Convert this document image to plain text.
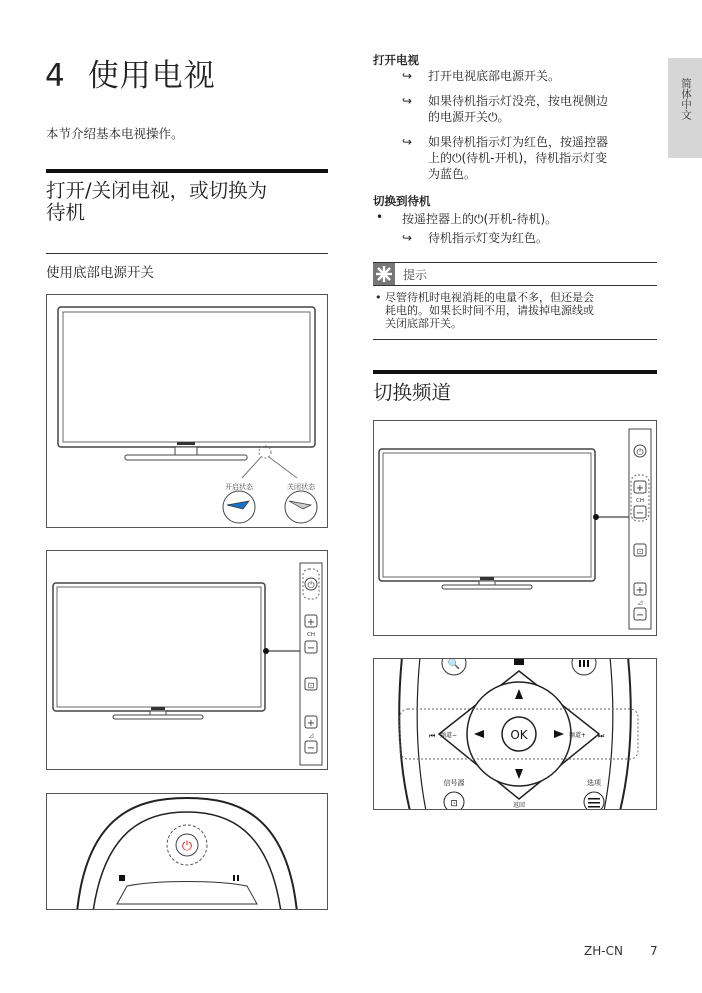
4 使用电视
本节介绍基本电视操作。
打开/关闭电视，或切换为
待机
使用底部电源开关
开启状态	关闭状态
⏻
+
CH
−
⊡
+
◿
−
⏻
打开电视
↪ 打开电视底部电源开关。
↪ 如果待机指示灯没亮，按电视侧边
的电源开关⏻。
↪ 如果待机指示灯为红色，按遥控器
上的⏻(待机-开机)，待机指示灯变
为蓝色。
切换到待机
• 按遥控器上的⏻(开机-待机)。
↪ 待机指示灯变为红色。
提示
• 尽管待机时电视消耗的电量不多，但还是会
耗电的。如果长时间不用，请拔掉电源线或
关闭底部开关。
切换频道
⏻
+
CH
−
⊡
+
◿
−
🔍
OK
⏮ 频道−	频道+ ⏭
信号源
⊡
选项
返回
简体中文
ZH-CN 7
